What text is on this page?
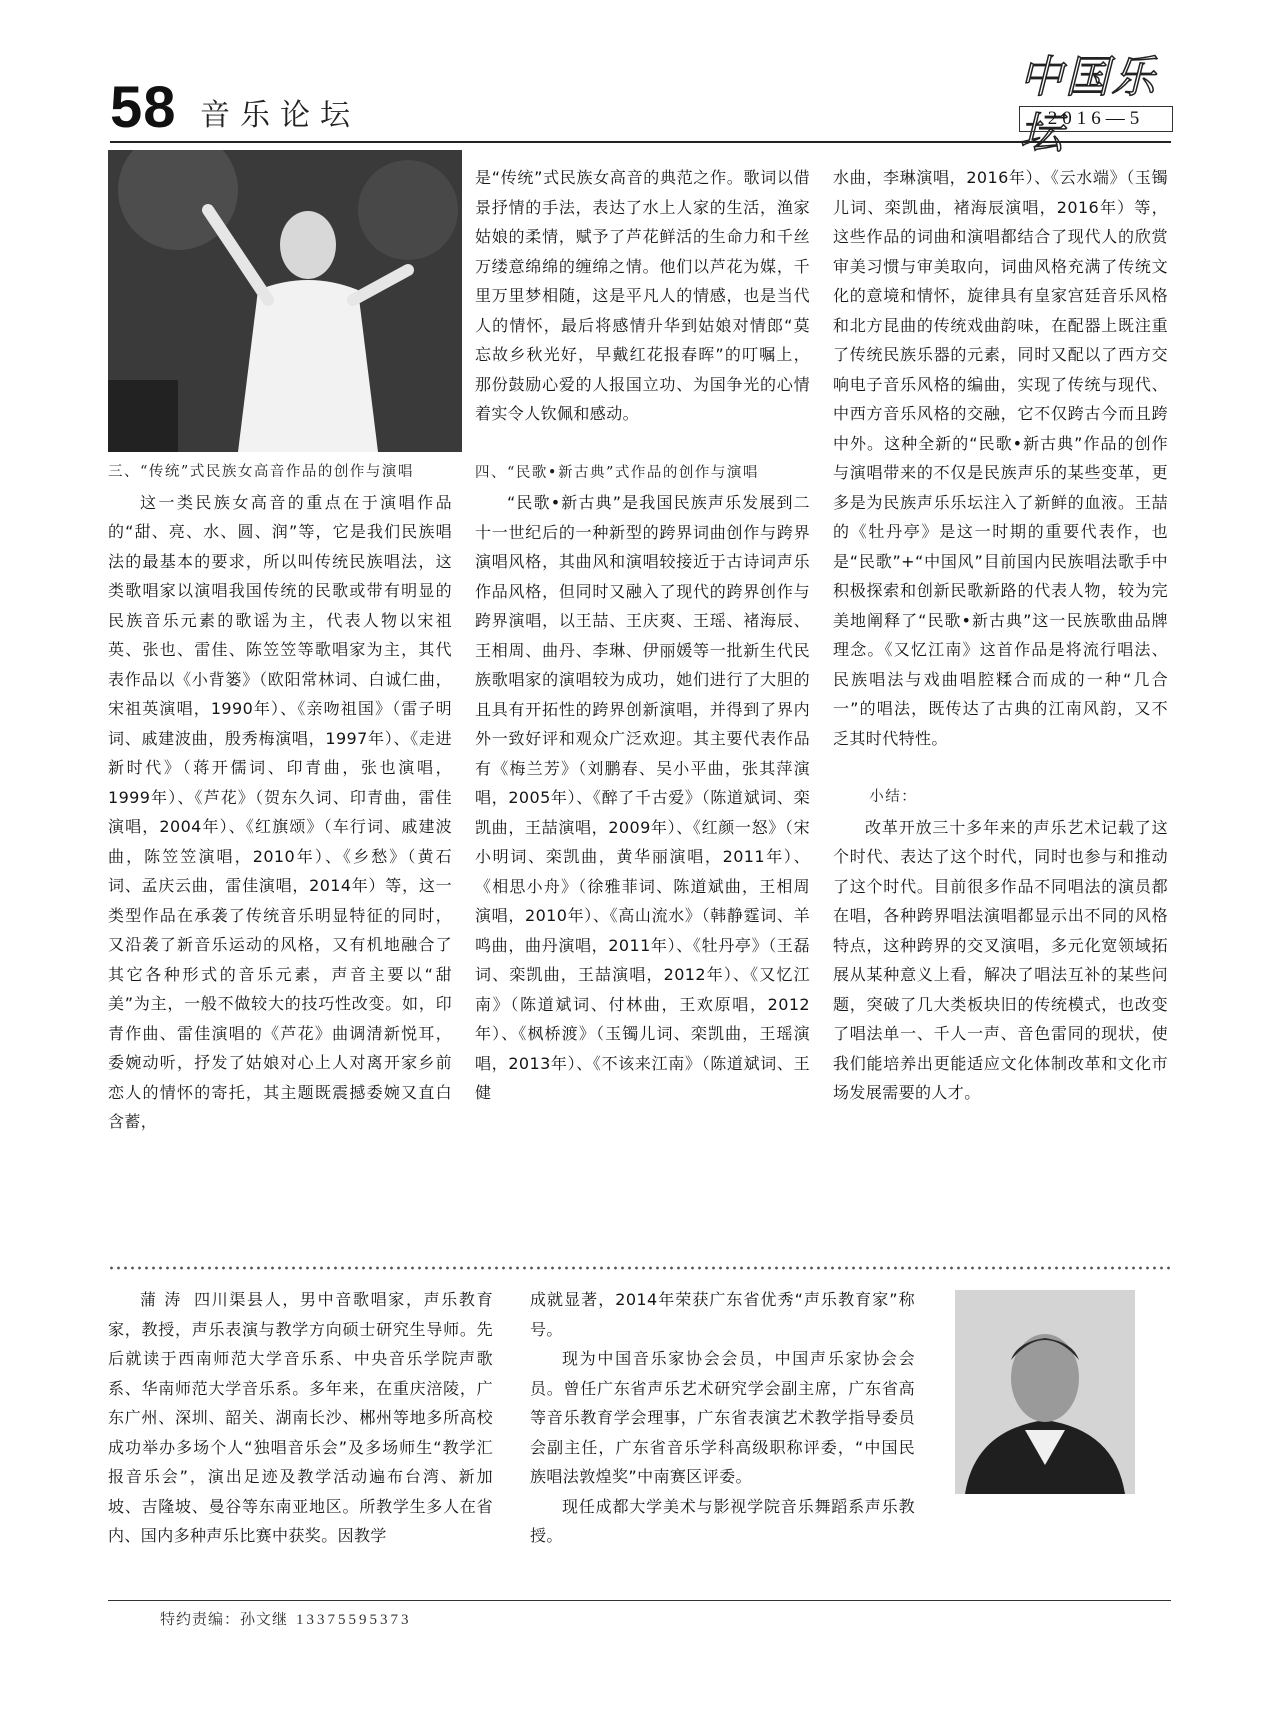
58 音乐论坛
中国乐坛
2016—5

三、“传统”式民族女高音作品的创作与演唱

这一类民族女高音的重点在于演唱作品的“甜、亮、水、圆、润”等，它是我们民族唱法的最基本的要求，所以叫传统民族唱法，这类歌唱家以演唱我国传统的民歌或带有明显的民族音乐元素的歌谣为主，代表人物以宋祖英、张也、雷佳、陈笠笠等歌唱家为主，其代表作品以《小背篓》（欧阳常林词、白诚仁曲，宋祖英演唱，1990年）、《亲吻祖国》（雷子明词、戚建波曲，殷秀梅演唱，1997年）、《走进新时代》（蒋开儒词、印青曲，张也演唱，1999年）、《芦花》（贺东久词、印青曲，雷佳演唱，2004年）、《红旗颂》（车行词、戚建波曲，陈笠笠演唱，2010年）、《乡愁》（黄石词、孟庆云曲，雷佳演唱，2014年）等，这一类型作品在承袭了传统音乐明显特征的同时，又沿袭了新音乐运动的风格，又有机地融合了其它各种形式的音乐元素，声音主要以“甜美”为主，一般不做较大的技巧性改变。如，印青作曲、雷佳演唱的《芦花》曲调清新悦耳，委婉动听，抒发了姑娘对心上人对离开家乡前恋人的情怀的寄托，其主题既震撼委婉又直白含蓄，

是“传统”式民族女高音的典范之作。歌词以借景抒情的手法，表达了水上人家的生活，渔家姑娘的柔情，赋予了芦花鲜活的生命力和千丝万缕意绵绵的缠绵之情。他们以芦花为媒，千里万里梦相随，这是平凡人的情感，也是当代人的情怀，最后将感情升华到姑娘对情郎“莫忘故乡秋光好，早戴红花报春晖”的叮嘱上，那份鼓励心爱的人报国立功、为国争光的心情着实令人钦佩和感动。

四、“民歌•新古典”式作品的创作与演唱

“民歌•新古典”是我国民族声乐发展到二十一世纪后的一种新型的跨界词曲创作与跨界演唱风格，其曲风和演唱较接近于古诗词声乐作品风格，但同时又融入了现代的跨界创作与跨界演唱，以王喆、王庆爽、王瑶、褚海辰、王相周、曲丹、李琳、伊丽媛等一批新生代民族歌唱家的演唱较为成功，她们进行了大胆的且具有开拓性的跨界创新演唱，并得到了界内外一致好评和观众广泛欢迎。其主要代表作品有《梅兰芳》（刘鹏春、吴小平曲，张其萍演唱，2005年）、《醉了千古爱》（陈道斌词、栾凯曲，王喆演唱，2009年）、《红颜一怒》（宋小明词、栾凯曲，黄华丽演唱，2011年）、《相思小舟》（徐雅菲词、陈道斌曲，王相周演唱，2010年）、《高山流水》（韩静霆词、羊鸣曲，曲丹演唱，2011年）、《牡丹亭》（王磊词、栾凯曲，王喆演唱，2012年）、《又忆江南》（陈道斌词、付林曲，王欢原唱，2012年）、《枫桥渡》（玉镯儿词、栾凯曲，王瑶演唱，2013年）、《不该来江南》（陈道斌词、王健

水曲，李琳演唱，2016年）、《云水端》（玉镯儿词、栾凯曲，褚海辰演唱，2016年）等，这些作品的词曲和演唱都结合了现代人的欣赏审美习惯与审美取向，词曲风格充满了传统文化的意境和情怀，旋律具有皇家宫廷音乐风格和北方昆曲的传统戏曲韵味，在配器上既注重了传统民族乐器的元素，同时又配以了西方交响电子音乐风格的编曲，实现了传统与现代、中西方音乐风格的交融，它不仅跨古今而且跨中外。这种全新的“民歌•新古典”作品的创作与演唱带来的不仅是民族声乐的某些变革，更多是为民族声乐乐坛注入了新鲜的血液。王喆的《牡丹亭》是这一时期的重要代表作，也是“民歌”+“中国风”目前国内民族唱法歌手中积极探索和创新民歌新路的代表人物，较为完美地阐释了“民歌•新古典”这一民族歌曲品牌理念。《又忆江南》这首作品是将流行唱法、民族唱法与戏曲唱腔糅合而成的一种“几合一”的唱法，既传达了古典的江南风韵，又不乏其时代特性。

小结：

改革开放三十多年来的声乐艺术记载了这个时代、表达了这个时代，同时也参与和推动了这个时代。目前很多作品不同唱法的演员都在唱，各种跨界唱法演唱都显示出不同的风格特点，这种跨界的交叉演唱，多元化宽领域拓展从某种意义上看，解决了唱法互补的某些问题，突破了几大类板块旧的传统模式，也改变了唱法单一、千人一声、音色雷同的现状，使我们能培养出更能适应文化体制改革和文化市场发展需要的人才。

蒲 涛 四川渠县人，男中音歌唱家，声乐教育家，教授，声乐表演与教学方向硕士研究生导师。先后就读于西南师范大学音乐系、中央音乐学院声歌系、华南师范大学音乐系。多年来，在重庆涪陵，广东广州、深圳、韶关、湖南长沙、郴州等地多所高校成功举办多场个人“独唱音乐会”及多场师生“教学汇报音乐会”，演出足迹及教学活动遍布台湾、新加坡、吉隆坡、曼谷等东南亚地区。所教学生多人在省内、国内多种声乐比赛中获奖。因教学

成就显著，2014年荣获广东省优秀“声乐教育家”称号。

现为中国音乐家协会会员，中国声乐家协会会员。曾任广东省声乐艺术研究学会副主席，广东省高等音乐教育学会理事，广东省表演艺术教学指导委员会副主任，广东省音乐学科高级职称评委，“中国民族唱法敦煌奖”中南赛区评委。

现任成都大学美术与影视学院音乐舞蹈系声乐教授。

特约责编：孙文继 13375595373
